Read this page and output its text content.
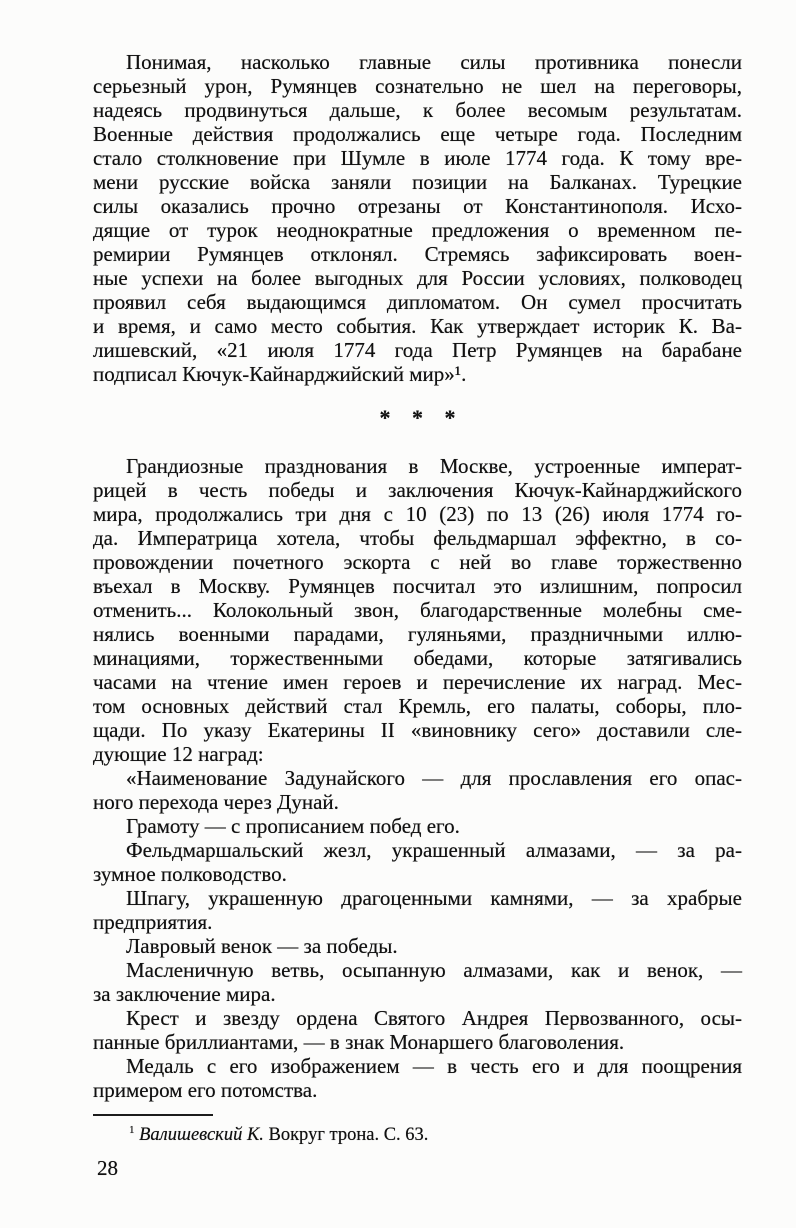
Понимая, насколько главные силы противника понесли
серьезный урон, Румянцев сознательно не шел на переговоры,
надеясь продвинуться дальше, к более весомым результатам.
Военные действия продолжались еще четыре года. Последним
стало столкновение при Шумле в июле 1774 года. К тому вре-
мени русские войска заняли позиции на Балканах. Турецкие
силы оказались прочно отрезаны от Константинополя. Исхо-
дящие от турок неоднократные предложения о временном пе-
ремирии Румянцев отклонял. Стремясь зафиксировать воен-
ные успехи на более выгодных для России условиях, полководец
проявил себя выдающимся дипломатом. Он сумел просчитать
и время, и само место события. Как утверждает историк К. Ва-
лишевский, «21 июля 1774 года Петр Румянцев на барабане
подписал Кючук-Кайнарджийский мир»¹.
* * *
Грандиозные празднования в Москве, устроенные императ-
рицей в честь победы и заключения Кючук-Кайнарджийского
мира, продолжались три дня с 10 (23) по 13 (26) июля 1774 го-
да. Императрица хотела, чтобы фельдмаршал эффектно, в со-
провождении почетного эскорта с ней во главе торжественно
въехал в Москву. Румянцев посчитал это излишним, попросил
отменить... Колокольный звон, благодарственные молебны сме-
нялись военными парадами, гуляньями, праздничными иллю-
минациями, торжественными обедами, которые затягивались
часами на чтение имен героев и перечисление их наград. Мес-
том основных действий стал Кремль, его палаты, соборы, пло-
щади. По указу Екатерины II «виновнику сего» доставили сле-
дующие 12 наград:
«Наименование Задунайского — для прославления его опас-
ного перехода через Дунай.
Грамоту — с прописанием побед его.
Фельдмаршальский жезл, украшенный алмазами, — за ра-
зумное полководство.
Шпагу, украшенную драгоценными камнями, — за храбрые
предприятия.
Лавровый венок — за победы.
Масленичную ветвь, осыпанную алмазами, как и венок, —
за заключение мира.
Крест и звезду ордена Святого Андрея Первозванного, осы-
панные бриллиантами, — в знак Монаршего благоволения.
Медаль с его изображением — в честь его и для поощрения
примером его потомства.
$^1$ Валишевский К. Вокруг трона. С. 63.
28
